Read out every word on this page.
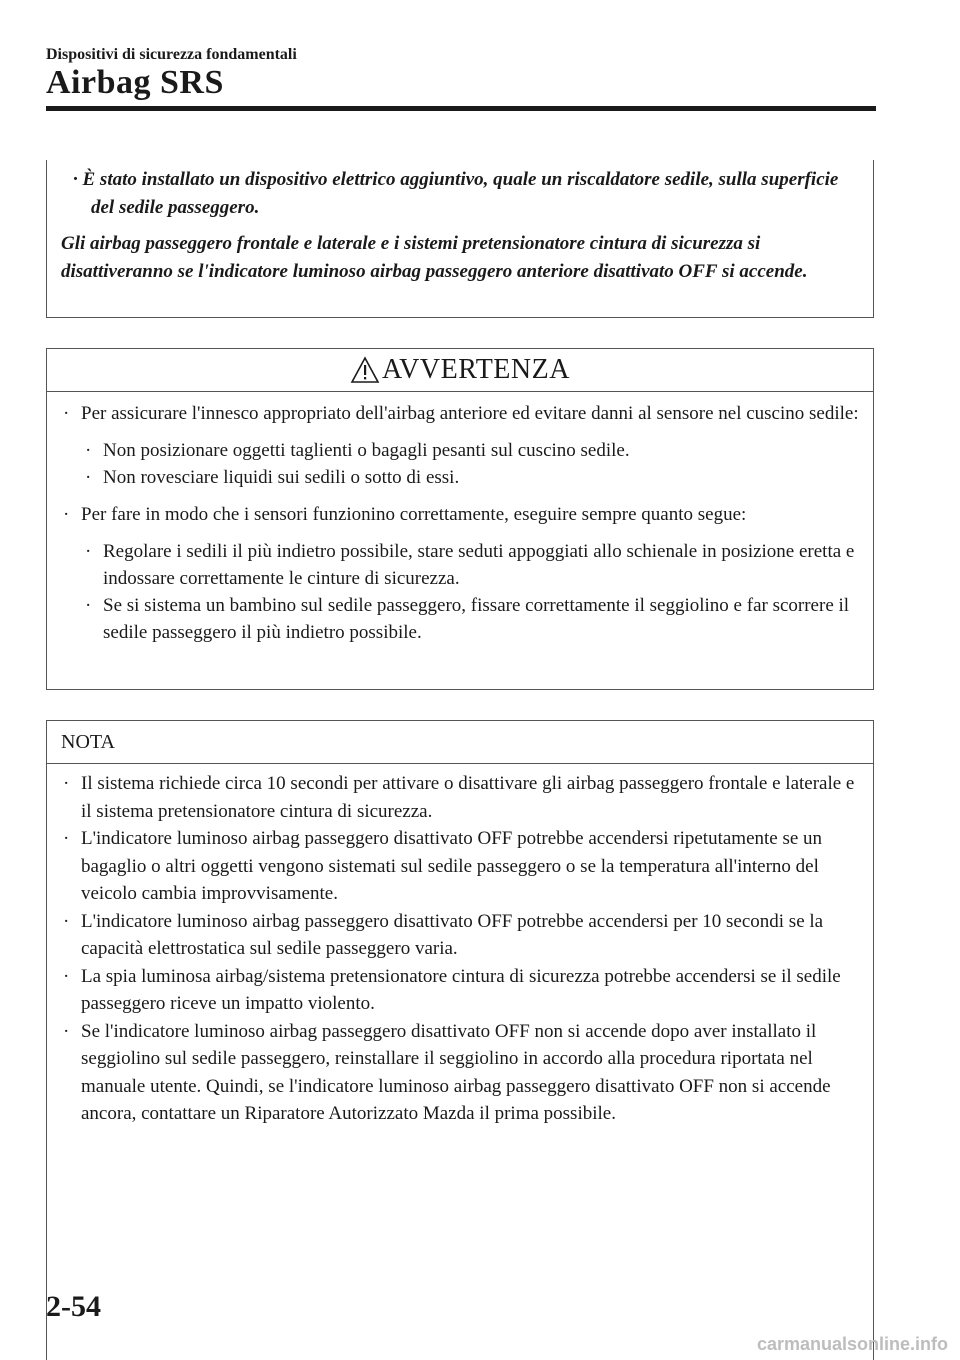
Dispositivi di sicurezza fondamentali
Airbag SRS
· È stato installato un dispositivo elettrico aggiuntivo, quale un riscaldatore sedile, sulla superficie del sedile passeggero.
Gli airbag passeggero frontale e laterale e i sistemi pretensionatore cintura di sicurezza si disattiveranno se l'indicatore luminoso airbag passeggero anteriore disattivato OFF si accende.
AVVERTENZA
· Per assicurare l'innesco appropriato dell'airbag anteriore ed evitare danni al sensore nel cuscino sedile:
· Non posizionare oggetti taglienti o bagagli pesanti sul cuscino sedile.
· Non rovesciare liquidi sui sedili o sotto di essi.
· Per fare in modo che i sensori funzionino correttamente, eseguire sempre quanto segue:
· Regolare i sedili il più indietro possibile, stare seduti appoggiati allo schienale in posizione eretta e indossare correttamente le cinture di sicurezza.
· Se si sistema un bambino sul sedile passeggero, fissare correttamente il seggiolino e far scorrere il sedile passeggero il più indietro possibile.
NOTA
· Il sistema richiede circa 10 secondi per attivare o disattivare gli airbag passeggero frontale e laterale e il sistema pretensionatore cintura di sicurezza.
· L'indicatore luminoso airbag passeggero disattivato OFF potrebbe accendersi ripetutamente se un bagaglio o altri oggetti vengono sistemati sul sedile passeggero o se la temperatura all'interno del veicolo cambia improvvisamente.
· L'indicatore luminoso airbag passeggero disattivato OFF potrebbe accendersi per 10 secondi se la capacità elettrostatica sul sedile passeggero varia.
· La spia luminosa airbag/sistema pretensionatore cintura di sicurezza potrebbe accendersi se il sedile passeggero riceve un impatto violento.
· Se l'indicatore luminoso airbag passeggero disattivato OFF non si accende dopo aver installato il seggiolino sul sedile passeggero, reinstallare il seggiolino in accordo alla procedura riportata nel manuale utente. Quindi, se l'indicatore luminoso airbag passeggero disattivato OFF non si accende ancora, contattare un Riparatore Autorizzato Mazda il prima possibile.
2-54
carmanualsonline.info
